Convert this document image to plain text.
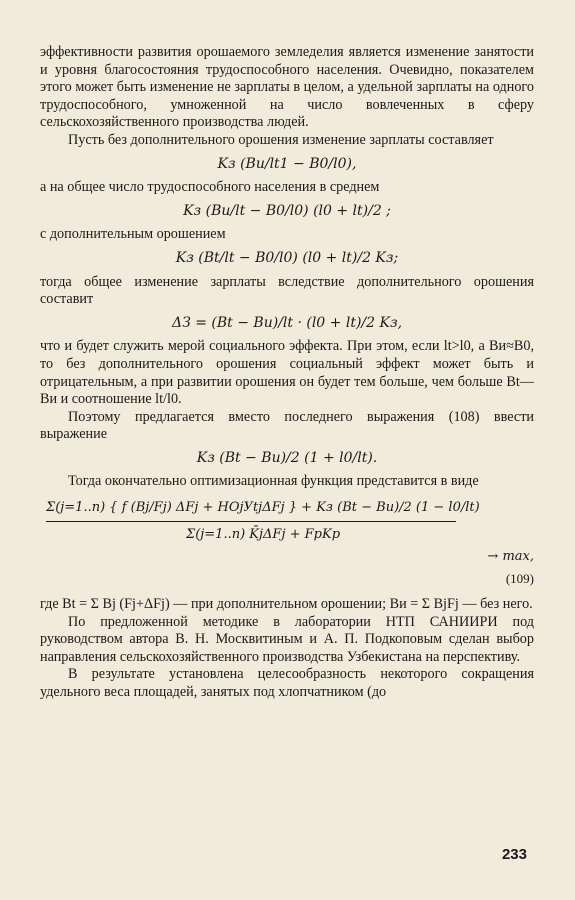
эффективности развития орошаемого земледелия является изменение занятости и уровня благосостояния трудоспособного населения. Очевидно, показателем этого может быть изменение не зарплаты в целом, а удельной зарплаты на одного трудоспособного, умноженной на число вовлеченных в сферу сельскохозяйственного производства людей.

Пусть без дополнительного орошения изменение зарплаты составляет

Kз (Bи/lt1 − B0/l0),

а на общее число трудоспособного населения в среднем

Kз (Bи/lt − B0/l0) (l0 + lt)/2 ;

с дополнительным орошением

Kз (Bt/lt − B0/l0) (l0 + lt)/2 Kз;

тогда общее изменение зарплаты вследствие дополнительного орошения составит

ΔЗ = (Bt − Bи)/lt · (l0 + lt)/2 Kз,

что и будет служить мерой социального эффекта. При этом, если lt>l0, а Bи≈B0, то без дополнительного орошения социальный эффект может быть и отрицательным, а при развитии орошения он будет тем больше, чем больше Bt—Bи и соотношение lt/l0.

Поэтому предлагается вместо последнего выражения (108) ввести выражение

Kз (Bt − Bи)/2 (1 + l0/lt).

Тогда окончательно оптимизационная функция представится в виде

Σ(j=1..n) { f (Bj/Fj) ΔFj + HOjУtjΔFj } + Kз (Bt − Bи)/2 (1 − l0/lt)
Σ(j=1..n) K̄jΔFj + FрKр
→ max,
(109)

где Bt = Σ Bj (Fj+ΔFj) — при дополнительном орошении; Bи = Σ BjFj — без него.

По предложенной методике в лаборатории НТП САНИИРИ под руководством автора В. Н. Москвитиным и А. П. Подкоповым сделан выбор направления сельскохозяйственного производства Узбекистана на перспективу.

В результате установлена целесообразность некоторого сокращения удельного веса площадей, занятых под хлопчатником (до

233
